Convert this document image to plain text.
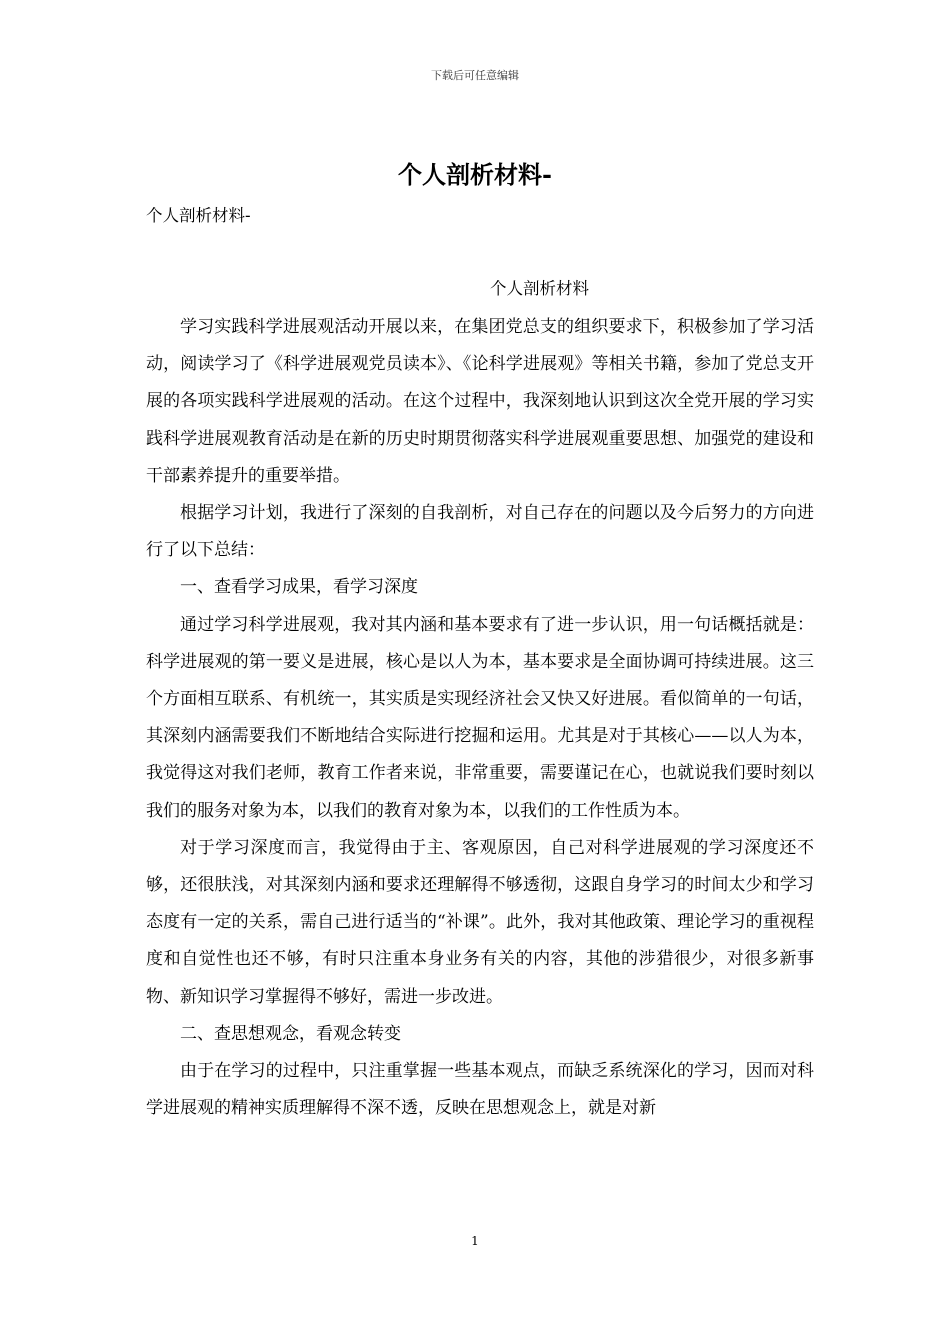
下载后可任意编辑
个人剖析材料-
个人剖析材料-
个人剖析材料

学习实践科学进展观活动开展以来，在集团党总支的组织要求下，积极参加了学习活动，阅读学习了《科学进展观党员读本》、《论科学进展观》等相关书籍，参加了党总支开展的各项实践科学进展观的活动。在这个过程中，我深刻地认识到这次全党开展的学习实践科学进展观教育活动是在新的历史时期贯彻落实科学进展观重要思想、加强党的建设和干部素养提升的重要举措。

根据学习计划，我进行了深刻的自我剖析，对自己存在的问题以及今后努力的方向进行了以下总结：

一、查看学习成果，看学习深度

通过学习科学进展观，我对其内涵和基本要求有了进一步认识，用一句话概括就是：科学进展观的第一要义是进展，核心是以人为本，基本要求是全面协调可持续进展。这三个方面相互联系、有机统一，其实质是实现经济社会又快又好进展。看似简单的一句话，其深刻内涵需要我们不断地结合实际进行挖掘和运用。尤其是对于其核心——以人为本，我觉得这对我们老师，教育工作者来说，非常重要，需要谨记在心，也就说我们要时刻以我们的服务对象为本，以我们的教育对象为本，以我们的工作性质为本。

对于学习深度而言，我觉得由于主、客观原因，自己对科学进展观的学习深度还不够，还很肤浅，对其深刻内涵和要求还理解得不够透彻，这跟自身学习的时间太少和学习态度有一定的关系，需自己进行适当的“补课”。此外，我对其他政策、理论学习的重视程度和自觉性也还不够，有时只注重本身业务有关的内容，其他的涉猎很少，对很多新事物、新知识学习掌握得不够好，需进一步改进。

二、查思想观念，看观念转变

由于在学习的过程中，只注重掌握一些基本观点，而缺乏系统深化的学习，因而对科学进展观的精神实质理解得不深不透，反映在思想观念上，就是对新

1
